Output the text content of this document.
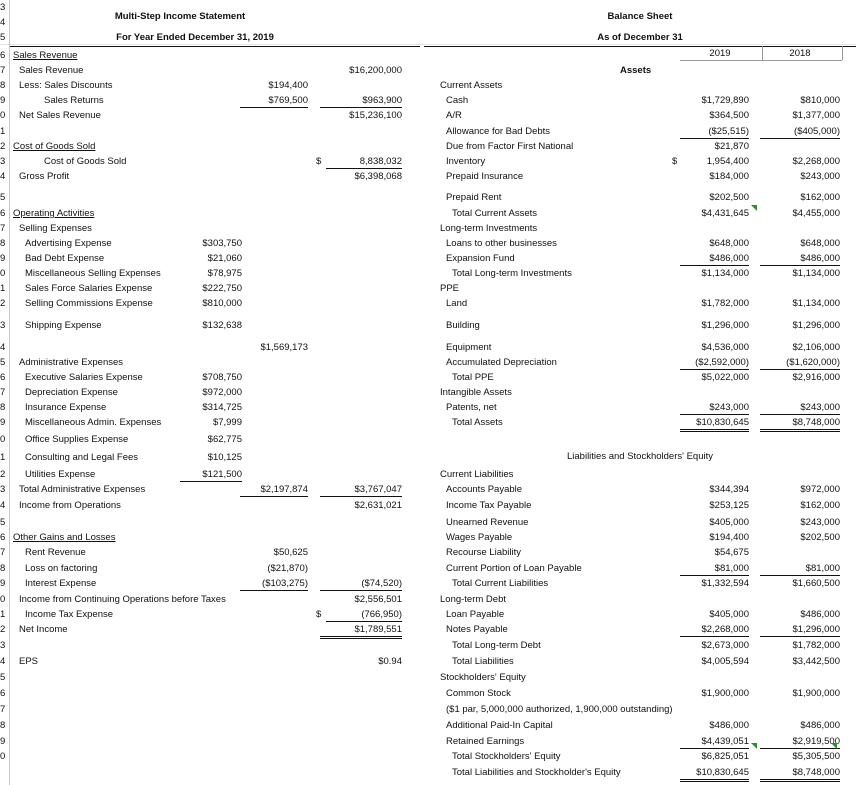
3
4
5
6
7
8
9
0
1
2
3
4
5
6
7
8
9
0
1
2
3
4
5
6
7
8
9
0
1
2
3
4
5
6
7
8
9
0
1
2
3
4
5
6
7
8
9
0
Multi-Step Income Statement
For Year Ended December 31, 2019
Sales Revenue
Sales Revenue	$16,200,000
Less: Sales Discounts	$194,400
Sales Returns	$769,500	$963,900
Net Sales Revenue	$15,236,100
Cost of Goods Sold
Cost of Goods Sold	$	8,838,032
Gross Profit	$6,398,068
Operating Activities
Selling Expenses
Advertising Expense	$303,750
Bad Debt Expense	$21,060
Miscellaneous Selling Expenses	$78,975
Sales Force Salaries Expense	$222,750
Selling Commissions Expense	$810,000
Shipping Expense	$132,638
$1,569,173
Administrative Expenses
Executive Salaries Expense	$708,750
Depreciation Expense	$972,000
Insurance Expense	$314,725
Miscellaneous Admin. Expenses	$7,999
Office Supplies Expense	$62,775
Consulting and Legal Fees	$10,125
Utilities Expense	$121,500
Total Administrative Expenses	$2,197,874	$3,767,047
Income from Operations	$2,631,021
Other Gains and Losses
Rent Revenue	$50,625
Loss on factoring	($21,870)
Interest Expense	($103,275)	($74,520)
Income from Continuing Operations before Taxes	$2,556,501
Income Tax Expense	$	(766,950)
Net Income	$1,789,551
EPS	$0.94
Balance Sheet
As of December 31
2019	2018
Assets
Current Assets
Cash	$1,729,890	$810,000
A/R	$364,500	$1,377,000
Allowance for Bad Debts	($25,515)	($405,000)
Due from Factor First National	$21,870
Inventory	1,954,400	$2,268,000
Prepaid Insurance	$184,000	$243,000
Prepaid Rent	$202,500	$162,000
Total Current Assets	$4,431,645	$4,455,000
Long-term Investments
Loans to other businesses	$648,000	$648,000
Expansion Fund	$486,000	$486,000
Total Long-term Investments	$1,134,000	$1,134,000
PPE
Land	$1,782,000	$1,134,000
Building	$1,296,000	$1,296,000
Equipment	$4,536,000	$2,106,000
Accumulated Depreciation	($2,592,000)	($1,620,000)
Total PPE	$5,022,000	$2,916,000
Intangible Assets
Patents, net	$243,000	$243,000
Total Assets	$10,830,645	$8,748,000
$
Liabilities and Stockholders' Equity
Current Liabilities
Accounts Payable	$344,394	$972,000
Income Tax Payable	$253,125	$162,000
Unearned Revenue	$405,000	$243,000
Wages Payable	$194,400	$202,500
Recourse Liability	$54,675
Current Portion of Loan Payable	$81,000	$81,000
Total Current Liabilities	$1,332,594	$1,660,500
Long-term Debt
Loan Payable	$405,000	$486,000
Notes Payable	$2,268,000	$1,296,000
Total Long-term Debt	$2,673,000	$1,782,000
Total Liabilities	$4,005,594	$3,442,500
Stockholders' Equity
Common Stock	$1,900,000	$1,900,000
($1 par, 5,000,000 authorized, 1,900,000 outstanding)
Additional Paid-In Capital	$486,000	$486,000
Retained Earnings	$4,439,051	$2,919,500
Total Stockholders' Equity	$6,825,051	$5,305,500
Total Liabilities and Stockholder's Equity	$10,830,645	$8,748,000
